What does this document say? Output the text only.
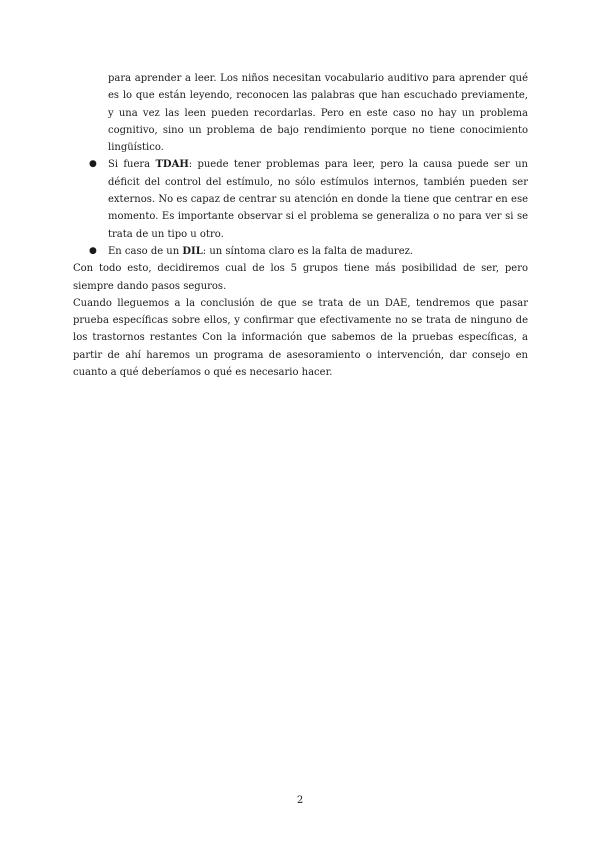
para aprender a leer. Los niños necesitan vocabulario auditivo para aprender qué es lo que están leyendo, reconocen las palabras que han escuchado previamente, y una vez las leen pueden recordarlas. Pero en este caso no hay un problema cognitivo, sino un problema de bajo rendimiento porque no tiene conocimiento lingüístico.

● Si fuera TDAH: puede tener problemas para leer, pero la causa puede ser un déficit del control del estímulo, no sólo estímulos internos, también pueden ser externos. No es capaz de centrar su atención en donde la tiene que centrar en ese momento. Es importante observar si el problema se generaliza o no para ver si se trata de un tipo u otro.
● En caso de un DIL: un síntoma claro es la falta de madurez.

Con todo esto, decidiremos cual de los 5 grupos tiene más posibilidad de ser, pero siempre dando pasos seguros.

Cuando lleguemos a la conclusión de que se trata de un DAE, tendremos que pasar prueba específicas sobre ellos, y confirmar que efectivamente no se trata de ninguno de los trastornos restantes Con la información que sabemos de la pruebas específicas, a partir de ahí haremos un programa de asesoramiento o intervención, dar consejo en cuanto a qué deberíamos o qué es necesario hacer.

2
